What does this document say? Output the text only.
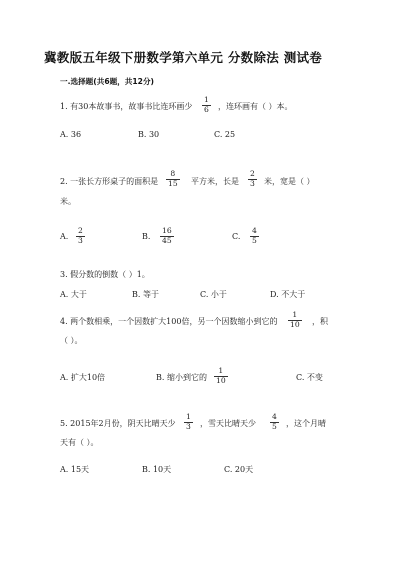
冀教版五年级下册数学第六单元 分数除法 测试卷
一.选择题(共6题，共12分)
1. 有30本故事书，故事书比连环画少
1
6 ，连环画有（ ）本。
A. 36	B. 30	C. 25
2. 一张长方形桌子的面积是
8
15 平方米，长是
2
3 米，宽是（ ）
米。
A.
2
3	B.
16
45	C.
4
5
3. 假分数的倒数（ ）1。
A. 大于	B. 等于	C. 小于	D. 不大于
4. 两个数相乘，一个因数扩大100倍，另一个因数缩小到它的
1
10 ，积
（ ）。
A. 扩大10倍	B. 缩小到它的
1
10	C. 不变
5. 2015年2月份，阴天比晴天少
1
3 ，雪天比晴天少
4
5 ，这个月晴
天有（ ）。
A. 15天	B. 10天	C. 20天
